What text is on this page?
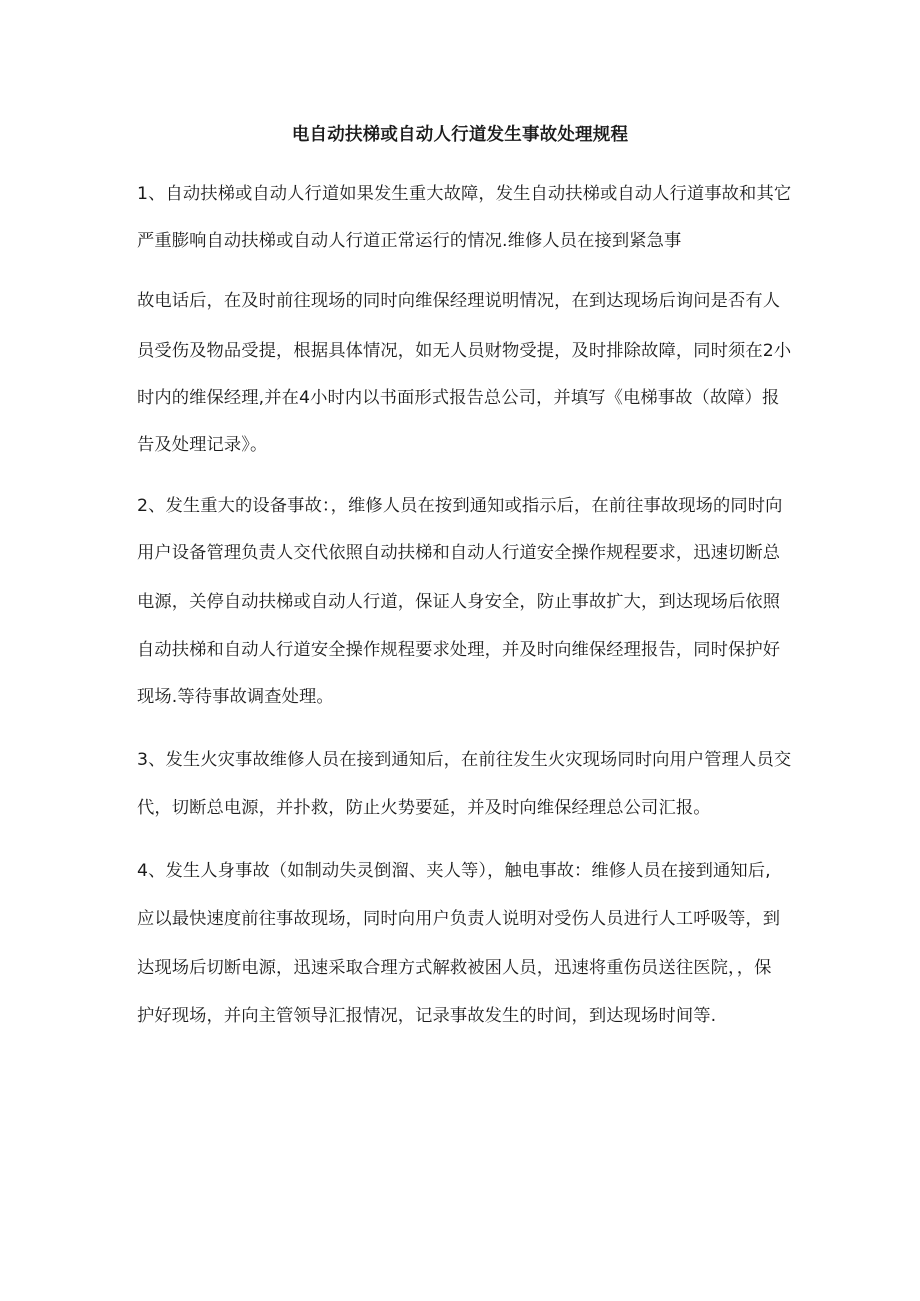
电自动扶梯或自动人行道发生事故处理规程
1、自动扶梯或自动人行道如果发生重大故障，发生自动扶梯或自动人行道事故和其它
严重膨响自动扶梯或自动人行道正常运行的情况.维修人员在接到紧急事
故电话后，在及时前往现场的同时向维保经理说明情况，在到达现场后询问是否有人
员受伤及物品受提，根据具体情况，如无人员财物受提，及时排除故障，同时须在2小
时内的维保经理,并在4小时内以书面形式报告总公司，并填写《电梯事故（故障）报
告及处理记录》。
2、发生重大的设备事故：，维修人员在按到通知或指示后，在前往事故现场的同时向
用户设备管理负责人交代依照自动扶梯和自动人行道安全操作规程要求，迅速切断总
电源，关停自动扶梯或自动人行道，保证人身安全，防止事故扩大，到达现场后依照
自动扶梯和自动人行道安全操作规程要求处理，并及时向维保经理报告，同时保护好
现场.等待事故调查处理。
3、发生火灾事故维修人员在接到通知后，在前往发生火灾现场同时向用户管理人员交
代，切断总电源，并扑救，防止火势要延，并及时向维保经理总公司汇报。
4、发生人身事故（如制动失灵倒溜、夹人等），触电事故：维修人员在接到通知后,
应以最快速度前往事故现场，同时向用户负责人说明对受伤人员进行人工呼吸等，到
达现场后切断电源，迅速采取合理方式解救被困人员，迅速将重伤员送往医院，，保
护好现场，并向主管领导汇报情况，记录事故发生的时间，到达现场时间等.
